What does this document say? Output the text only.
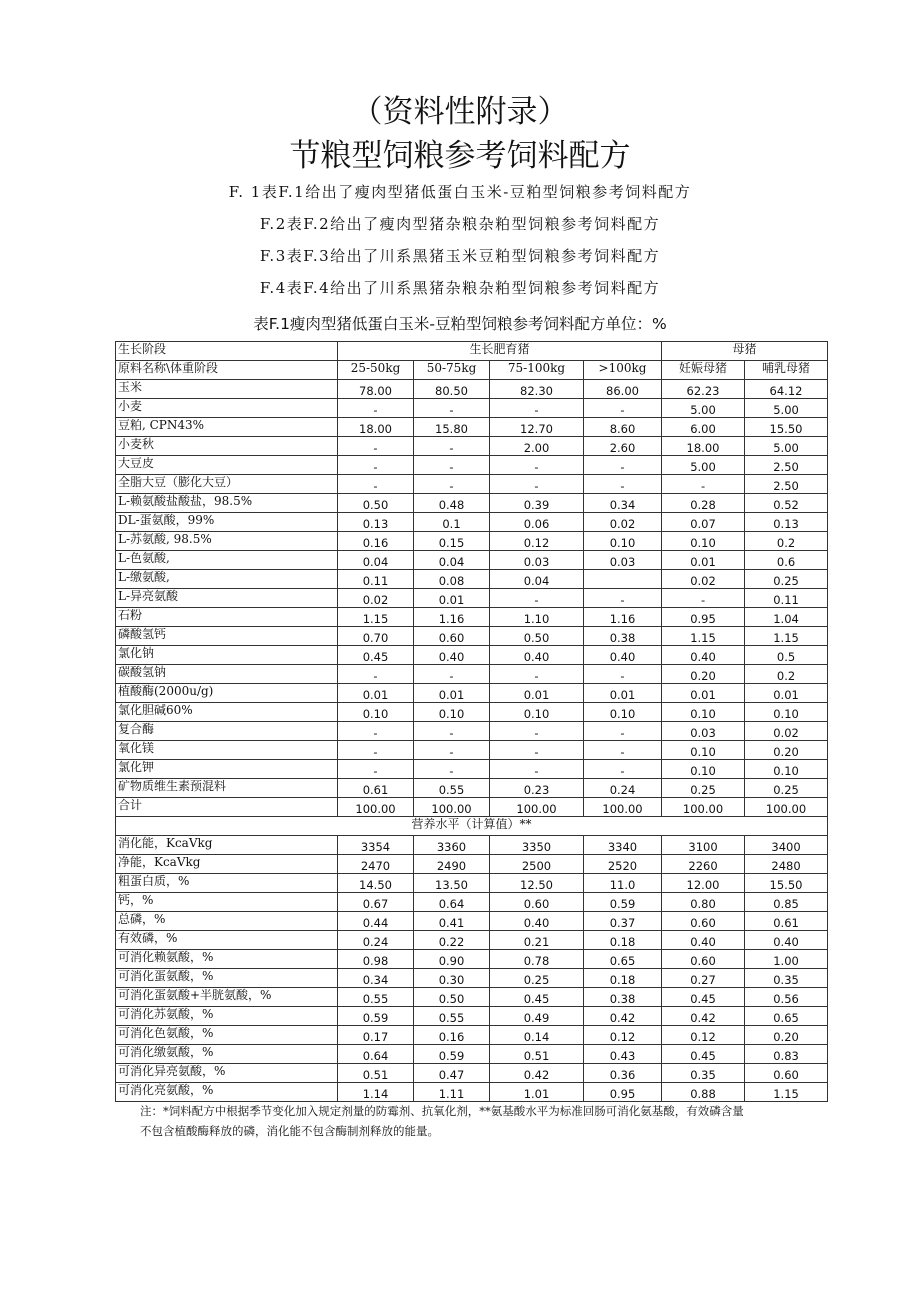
（资料性附录）
节粮型饲粮参考饲料配方
F. 1表F.1给出了瘦肉型猪低蛋白玉米-豆粕型饲粮参考饲料配方
F.2表F.2给出了瘦肉型猪杂粮杂粕型饲粮参考饲料配方
F.3表F.3给出了川系黑猪玉米豆粕型饲粮参考饲料配方
F.4表F.4给出了川系黑猪杂粮杂粕型饲粮参考饲料配方
表F.1瘦肉型猪低蛋白玉米-豆粕型饲粮参考饲料配方单位：%
生长阶段	生长肥育猪				母猪	
原料名称\体重阶段	25-50kg	50-75kg	75-100kg	>100kg	妊娠母猪	哺乳母猪
玉米	78.00	80.50	82.30	86.00	62.23	64.12
小麦	-	-	-	-	5.00	5.00
豆粕, CPN43%	18.00	15.80	12.70	8.60	6.00	15.50
小麦秋	-	-	2.00	2.60	18.00	5.00
大豆皮	-	-	-	-	5.00	2.50
全脂大豆（膨化大豆）	-	-	-	-	-	2.50
L-赖氨酸盐酸盐，98.5%	0.50	0.48	0.39	0.34	0.28	0.52
DL-蛋氨酸，99%	0.13	0.1	0.06	0.02	0.07	0.13
L-苏氨酸, 98.5%	0.16	0.15	0.12	0.10	0.10	0.2
L-色氨酸,	0.04	0.04	0.03	0.03	0.01	0.6
L-缴氨酸,	0.11	0.08	0.04		0.02	0.25
L-异亮氨酸	0.02	0.01	-	-	-	0.11
石粉	1.15	1.16	1.10	1.16	0.95	1.04
磷酸氢钙	0.70	0.60	0.50	0.38	1.15	1.15
氯化钠	0.45	0.40	0.40	0.40	0.40	0.5
碳酸氢钠	-	-	-	-	0.20	0.2
植酸酶(2000u/g)	0.01	0.01	0.01	0.01	0.01	0.01
氯化胆碱60%	0.10	0.10	0.10	0.10	0.10	0.10
复合酶	-	-	-	-	0.03	0.02
氧化镁	-	-	-	-	0.10	0.20
氯化钾	-	-	-	-	0.10	0.10
矿物质维生素预混料	0.61	0.55	0.23	0.24	0.25	0.25
合计	100.00	100.00	100.00	100.00	100.00	100.00
营养水平（计算值）**						
消化能，KcaVkg	3354	3360	3350	3340	3100	3400
净能，KcaVkg	2470	2490	2500	2520	2260	2480
粗蛋白质，%	14.50	13.50	12.50	11.0	12.00	15.50
钙，%	0.67	0.64	0.60	0.59	0.80	0.85
总磷，%	0.44	0.41	0.40	0.37	0.60	0.61
有效磷，%	0.24	0.22	0.21	0.18	0.40	0.40
可消化赖氨酸，%	0.98	0.90	0.78	0.65	0.60	1.00
可消化蛋氨酸，%	0.34	0.30	0.25	0.18	0.27	0.35
可消化蛋氨酸+半胱氨酸，%	0.55	0.50	0.45	0.38	0.45	0.56
可消化苏氨酸，%	0.59	0.55	0.49	0.42	0.42	0.65
可消化色氨酸，%	0.17	0.16	0.14	0.12	0.12	0.20
可消化缴氨酸，%	0.64	0.59	0.51	0.43	0.45	0.83
可消化异亮氨酸，%	0.51	0.47	0.42	0.36	0.35	0.60
可消化亮氨酸，%	1.14	1.11	1.01	0.95	0.88	1.15
注：*饲料配方中根据季节变化加入规定剂量的防霉剂、抗氧化剂，**氨基酸水平为标准回肠可消化氨基酸，有效磷含量
不包含植酸酶释放的磷，消化能不包含酶制剂释放的能量。
